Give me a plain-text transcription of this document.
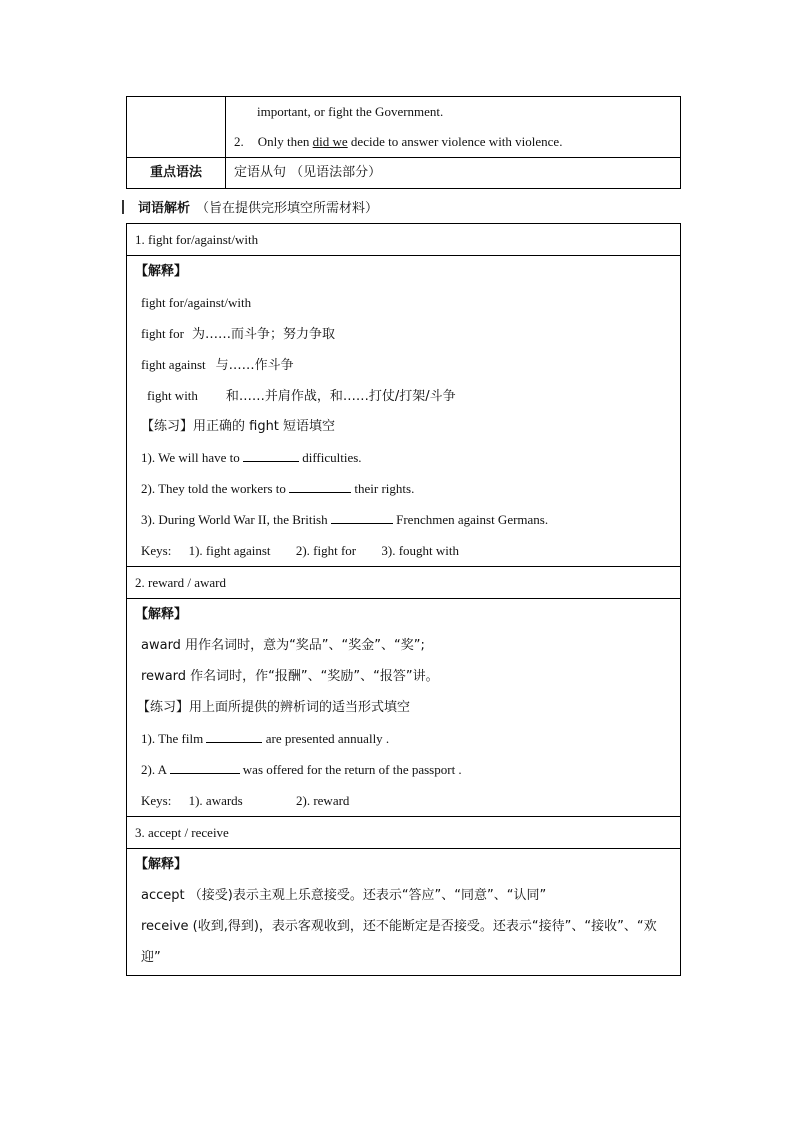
	important, or fight the Government.
2. Only then did we decide to answer violence with violence.

重点语法	定语从句 （见语法部分）
词语解析 （旨在提供完形填空所需材料）
1. fight for/against/with

【解释】
fight for/against/with
fight for 为……而斗争；努力争取
fight against 与……作斗争
fight with 和……并肩作战，和……打仗/打架/斗争
【练习】用正确的 fight 短语填空
1). We will have to	difficulties.
2). They told the workers to	their rights.
3). During World War II, the British	Frenchmen against Germans.
Keys: 1). fight against 2). fight for 3). fought with

2. reward / award

【解释】
award 用作名词时，意为“奖品”、“奖金”、“奖”;
reward 作名词时，作“报酬”、“奖励”、“报答”讲。
【练习】用上面所提供的辨析词的适当形式填空
1). The film	are presented annually .
2). A	was offered for the return of the passport .
Keys: 1). awards	2). reward

3. accept / receive

【解释】
accept （接受)表示主观上乐意接受。还表示“答应”、“同意”、“认同”
receive (收到,得到)，表示客观收到，还不能断定是否接受。还表示“接待”、“接收”、“欢迎”
